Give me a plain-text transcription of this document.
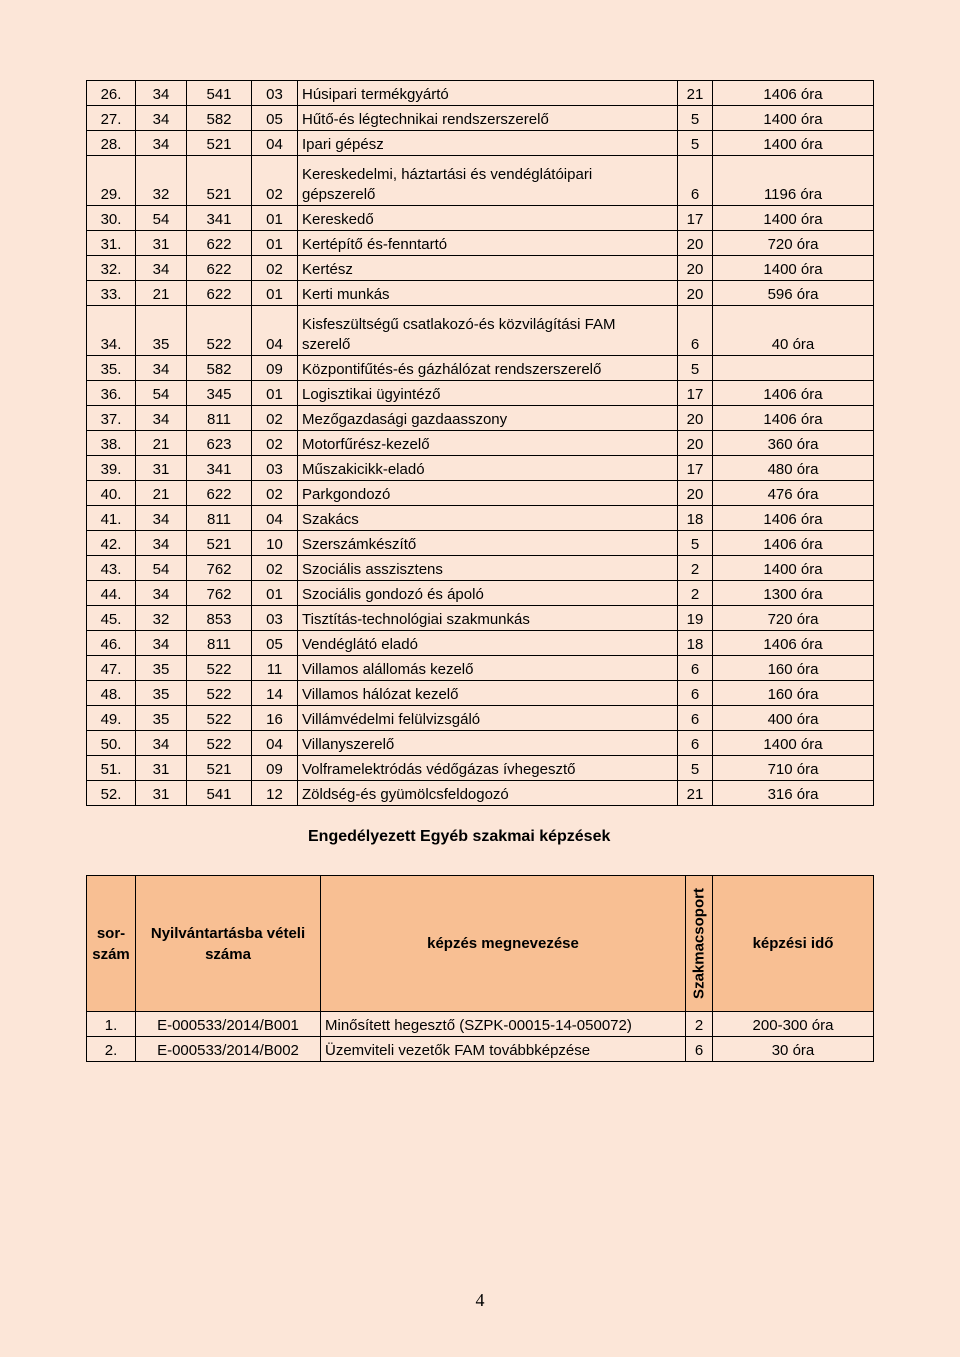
26.	34	541	03	Húsipari termékgyártó	21	1406 óra
27.	34	582	05	Hűtő-és légtechnikai rendszerszerelő	5	1400 óra
28.	34	521	04	Ipari gépész	5	1400 óra
29.	32	521	02	Kereskedelmi, háztartási és vendéglátóipari
gépszerelő	6	1196 óra
30.	54	341	01	Kereskedő	17	1400 óra
31.	31	622	01	Kertépítő és-fenntartó	20	720 óra
32.	34	622	02	Kertész	20	1400 óra
33.	21	622	01	Kerti munkás	20	596 óra
34.	35	522	04	Kisfeszültségű csatlakozó-és közvilágítási FAM
szerelő	6	40 óra
35.	34	582	09	Központifűtés-és gázhálózat rendszerszerelő	5	
36.	54	345	01	Logisztikai ügyintéző	17	1406 óra
37.	34	811	02	Mezőgazdasági gazdaasszony	20	1406 óra
38.	21	623	02	Motorfűrész-kezelő	20	360 óra
39.	31	341	03	Műszakicikk-eladó	17	480 óra
40.	21	622	02	Parkgondozó	20	476 óra
41.	34	811	04	Szakács	18	1406 óra
42.	34	521	10	Szerszámkészítő	5	1406 óra
43.	54	762	02	Szociális asszisztens	2	1400 óra
44.	34	762	01	Szociális gondozó és ápoló	2	1300 óra
45.	32	853	03	Tisztítás-technológiai szakmunkás	19	720 óra
46.	34	811	05	Vendéglátó eladó	18	1406 óra
47.	35	522	11	Villamos alállomás kezelő	6	160 óra
48.	35	522	14	Villamos hálózat kezelő	6	160 óra
49.	35	522	16	Villámvédelmi felülvizsgáló	6	400 óra
50.	34	522	04	Villanyszerelő	6	1400 óra
51.	31	521	09	Volframelektródás védőgázas ívhegesztő	5	710 óra
52.	31	541	12	Zöldség-és gyümölcsfeldogozó	21	316 óra
Engedélyezett Egyéb szakmai képzések
sor-
szám	Nyilvántartásba vételi
száma	képzés megnevezése	Szakmacsoport	képzési idő
1.	E-000533/2014/B001	Minősített hegesztő (SZPK-00015-14-050072)	2	200-300 óra
2.	E-000533/2014/B002	Üzemviteli vezetők FAM továbbképzése	6	30 óra
4
